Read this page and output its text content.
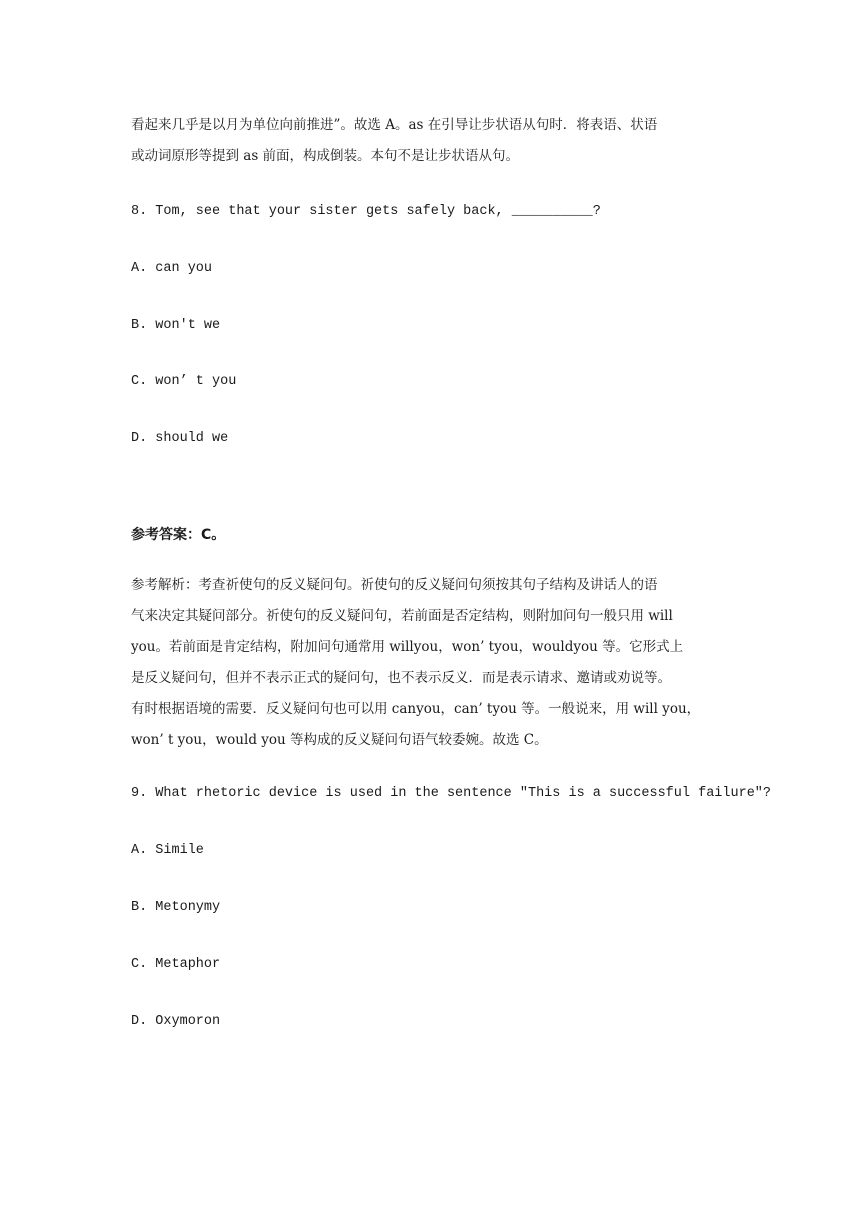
看起来几乎是以月为单位向前推进”。故选 A。as 在引导让步状语从句时．将表语、状语
或动词原形等提到 as 前面，构成倒装。本句不是让步状语从句。
8. Tom, see that your sister gets safely back, __________?
A. can you
B. won't we
C. won’ t you
D. should we
参考答案：C。
参考解析：考查祈使句的反义疑问句。祈使句的反义疑问句须按其句子结构及讲话人的语
气来决定其疑问部分。祈使句的反义疑问句，若前面是否定结构，则附加问句一般只用 will
you。若前面是肯定结构，附加问句通常用 willyou，won’ tyou，wouldyou 等。它形式上
是反义疑问句，但并不表示正式的疑问句，也不表示反义．而是表示请求、邀请或劝说等。
有时根据语境的需要．反义疑问句也可以用 canyou，can’ tyou 等。一般说来，用 will you，
won’ t you，would you 等构成的反义疑问句语气较委婉。故选 C。
9. What rhetoric device is used in the sentence "This is a successful failure"?
A. Simile
B. Metonymy
C. Metaphor
D. Oxymoron
